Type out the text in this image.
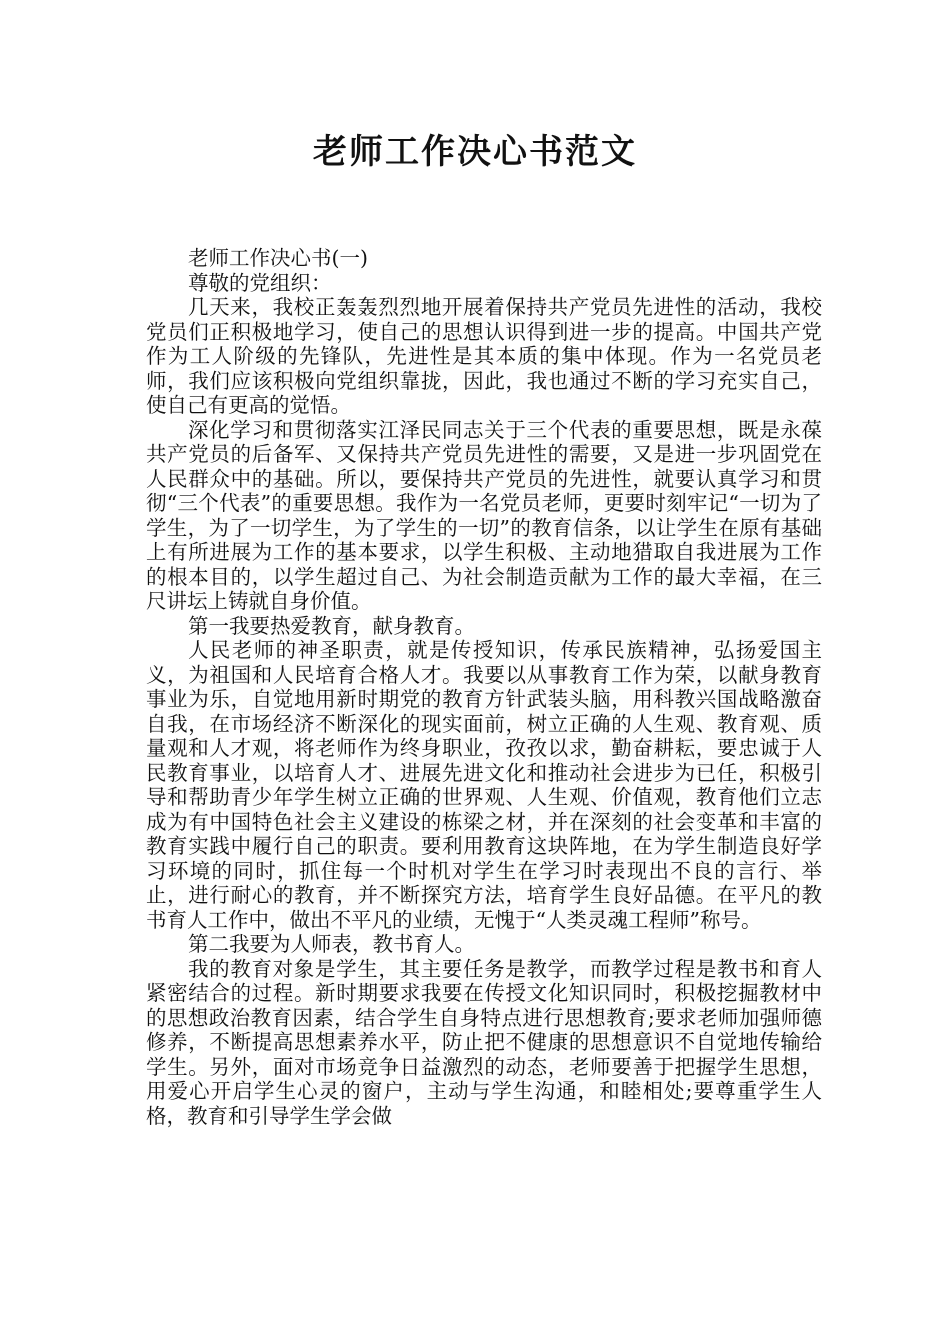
老师工作决心书范文

老师工作决心书(一)

尊敬的党组织：

几天来，我校正轰轰烈烈地开展着保持共产党员先进性的活动，我校党员们正积极地学习，使自己的思想认识得到进一步的提高。中国共产党作为工人阶级的先锋队，先进性是其本质的集中体现。作为一名党员老师，我们应该积极向党组织靠拢，因此，我也通过不断的学习充实自己，使自己有更高的觉悟。

深化学习和贯彻落实江泽民同志关于三个代表的重要思想，既是永葆共产党员的后备军、又保持共产党员先进性的需要，又是进一步巩固党在人民群众中的基础。所以，要保持共产党员的先进性，就要认真学习和贯彻“三个代表”的重要思想。我作为一名党员老师，更要时刻牢记“一切为了学生，为了一切学生，为了学生的一切”的教育信条，以让学生在原有基础上有所进展为工作的基本要求，以学生积极、主动地猎取自我进展为工作的根本目的，以学生超过自己、为社会制造贡献为工作的最大幸福，在三尺讲坛上铸就自身价值。

第一我要热爱教育，献身教育。

人民老师的神圣职责，就是传授知识，传承民族精神，弘扬爱国主义，为祖国和人民培育合格人才。我要以从事教育工作为荣，以献身教育事业为乐，自觉地用新时期党的教育方针武装头脑，用科教兴国战略激奋自我，在市场经济不断深化的现实面前，树立正确的人生观、教育观、质量观和人才观，将老师作为终身职业，孜孜以求，勤奋耕耘，要忠诚于人民教育事业，以培育人才、进展先进文化和推动社会进步为已任，积极引导和帮助青少年学生树立正确的世界观、人生观、价值观，教育他们立志成为有中国特色社会主义建设的栋梁之材，并在深刻的社会变革和丰富的教育实践中履行自己的职责。要利用教育这块阵地，在为学生制造良好学习环境的同时，抓住每一个时机对学生在学习时表现出不良的言行、举止，进行耐心的教育，并不断探究方法，培育学生良好品德。在平凡的教书育人工作中，做出不平凡的业绩，无愧于“人类灵魂工程师”称号。

第二我要为人师表，教书育人。

我的教育对象是学生，其主要任务是教学，而教学过程是教书和育人紧密结合的过程。新时期要求我要在传授文化知识同时，积极挖掘教材中的思想政治教育因素，结合学生自身特点进行思想教育;要求老师加强师德修养，不断提高思想素养水平，防止把不健康的思想意识不自觉地传输给学生。另外，面对市场竞争日益激烈的动态，老师要善于把握学生思想，用爱心开启学生心灵的窗户，主动与学生沟通，和睦相处;要尊重学生人格，教育和引导学生学会做
